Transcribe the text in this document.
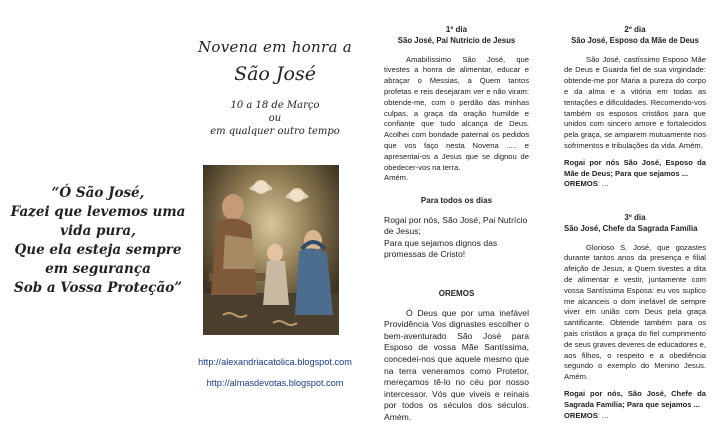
“Ó São José,
Fazei que levemos uma
vida pura,
Que ela esteja sempre
em segurança
Sob a Vossa Proteção”
Novena em honra a
São José
10 a 18 de Março
ou
em qualquer outro tempo
http://alexandriacatolica.blogspot.com
http://almasdevotas.blogspot.com
1º dia
São José, Pai Nutrício de Jesus

Amabilíssimo São José, que tivestes a honra de alimentar, educar e abraçar o Messias, a Quem tantos profetas e reis desejaram ver e não viram: obtende-me, com o perdão das minhas culpas, a graça da oração humilde e confiante que tudo alcança de Deus. Acolhei com bondade paternal os pedidos que vos faço nesta Novena ..... e apresentai-os a Jesus que se dignou de obedecer-vos na terra.

Amém.

Para todos os dias

Rogai por nós, São José, Pai Nutrício de Jesus;

Para que sejamos dignos das promessas de Cristo!

OREMOS

Ó Deus que por uma inefável Providência Vos dignastes escolher o bem-aventurado São José para Esposo de vossa Mãe Santíssima, concedei-nos que aquele mesmo que na terra veneramos como Protetor, mereçamos tê-lo no céu por nosso intercessor. Vós que viveis e reinais por todos os séculos dos séculos. Amém.

2º dia
São José, Esposo da Mãe de Deus

São José, castíssimo Esposo Mãe de Deus e Guarda fiel de sua virgindade: obtende-me por Maria a pureza do corpo e da alma e a vitória em todas as tentações e dificuldades. Recomendo-vos também os esposos cristãos para que unidos com sincero amore e fortalecidos pela graça, se amparem mutuamente nos sofrimentos e tribulações da vida. Amém.

Rogai por nós São José, Esposo da Mãe de Deus; Para que sejamos ...

OREMOS: ...

3º dia
São José, Chefe da Sagrada Família

Glorioso S. José, que gozastes durante tantos anos da presença e filial afeição de Jesus, a Quem tivestes a dita de alimentar e vestir, juntamente com vossa Santíssima Esposa: eu vos suplico me alcanceis o dom inefável de sempre viver em união com Deus pela graça santificante. Obtende também para os pais cristãos a graça do fiel cumprimento de seus graves deveres de educadores e, aos filhos, o respeito e a obediência segundo o exemplo do Menino Jesus. Amém.

Rogai por nós, São José, Chefe da Sagrada Família; Para que sejamos ...

OREMOS: ...
